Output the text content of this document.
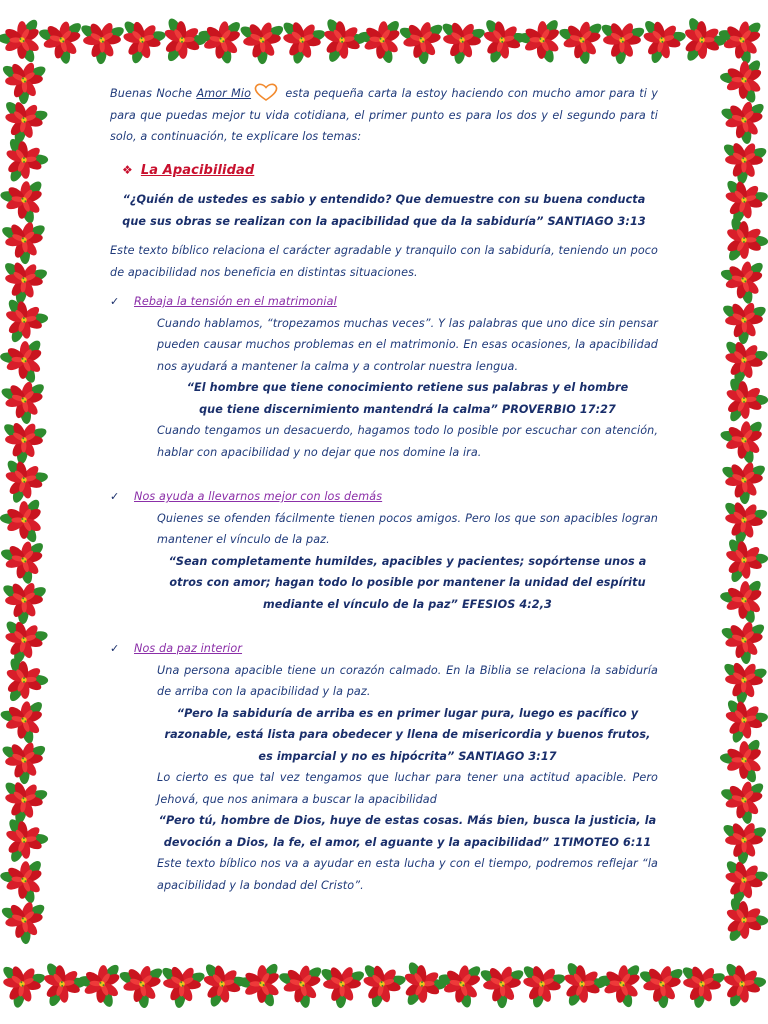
Buenas Noche Amor Mio	esta pequeña carta la estoy haciendo con mucho amor para ti y para que puedas mejor tu vida cotidiana, el primer punto es para los dos y el segundo para ti solo, a continuación, te explicare los temas:

❖ La Apacibilidad

“¿Quién de ustedes es sabio y entendido? Que demuestre con su buena conducta que sus obras se realizan con la apacibilidad que da la sabiduría” SANTIAGO 3:13

Este texto bíblico relaciona el carácter agradable y tranquilo con la sabiduría, teniendo un poco de apacibilidad nos beneficia en distintas situaciones.

✓ Rebaja la tensión en el matrimonial

Cuando hablamos, “tropezamos muchas veces”. Y las palabras que uno dice sin pensar pueden causar muchos problemas en el matrimonio. En esas ocasiones, la apacibilidad nos ayudará a mantener la calma y a controlar nuestra lengua.

“El hombre que tiene conocimiento retiene sus palabras y el hombre

que tiene discernimiento mantendrá la calma” PROVERBIO 17:27

Cuando tengamos un desacuerdo, hagamos todo lo posible por escuchar con atención, hablar con apacibilidad y no dejar que nos domine la ira.

✓ Nos ayuda a llevarnos mejor con los demás

Quienes se ofenden fácilmente tienen pocos amigos. Pero los que son apacibles logran mantener el vínculo de la paz.

“Sean completamente humildes, apacibles y pacientes; sopórtense unos a otros con amor; hagan todo lo posible por mantener la unidad del espíritu mediante el vínculo de la paz” EFESIOS 4:2,3

✓ Nos da paz interior

Una persona apacible tiene un corazón calmado. En la Biblia se relaciona la sabiduría de arriba con la apacibilidad y la paz.

“Pero la sabiduría de arriba es en primer lugar pura, luego es pacífico y razonable, está lista para obedecer y llena de misericordia y buenos frutos, es imparcial y no es hipócrita” SANTIAGO 3:17

Lo cierto es que tal vez tengamos que luchar para tener una actitud apacible. Pero Jehová, que nos animara a buscar la apacibilidad

“Pero tú, hombre de Dios, huye de estas cosas. Más bien, busca la justicia, la devoción a Dios, la fe, el amor, el aguante y la apacibilidad” 1TIMOTEO 6:11

Este texto bíblico nos va a ayudar en esta lucha y con el tiempo, podremos reflejar “la apacibilidad y la bondad del Cristo”.
